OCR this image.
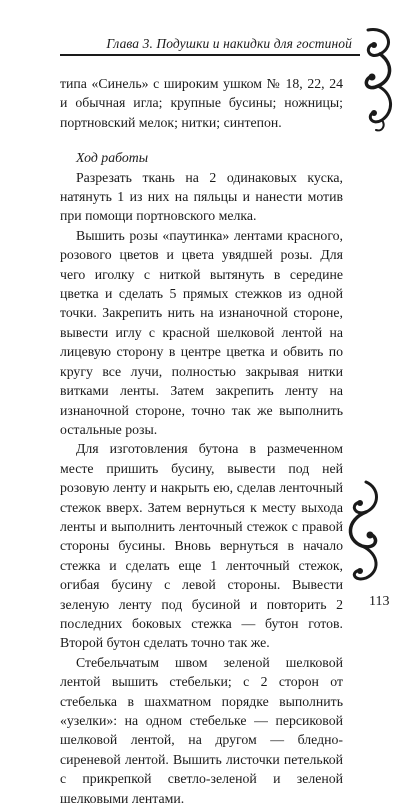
Глава 3. Подушки и накидки для гостиной

типа «Синель» с широким ушком № 18, 22, 24 и обычная игла; крупные бусины; ножницы; портновский мелок; нитки; синтепон.

Ход работы

Разрезать ткань на 2 одинаковых куска, натянуть 1 из них на пяльцы и нанести мотив при помощи портновского мелка.

Вышить розы «паутинка» лентами красного, розового цветов и цвета увядшей розы. Для чего иголку с ниткой вытянуть в середине цветка и сделать 5 прямых стежков из одной точки. Закрепить нить на изнаночной стороне, вывести иглу с красной шелковой лентой на лицевую сторону в центре цветка и обвить по кругу все лучи, полностью закрывая нитки витками ленты. Затем закрепить ленту на изнаночной стороне, точно так же выполнить остальные розы.

Для изготовления бутона в размеченном месте пришить бусину, вывести под ней розовую ленту и накрыть ею, сделав ленточный стежок вверх. Затем вернуться к месту выхода ленты и выполнить ленточный стежок с правой стороны бусины. Вновь вернуться в начало стежка и сделать еще 1 ленточный стежок, огибая бусину с левой стороны. Вывести зеленую ленту под бусиной и повторить 2 последних боковых стежка — бутон готов. Второй бутон сделать точно так же.

Стебельчатым швом зеленой шелковой лентой вышить стебельки; с 2 сторон от стебелька в шахматном порядке выполнить «узелки»: на одном стебельке — персиковой шелковой лентой, на другом — бледно-сиреневой лентой. Вышить листочки петелькой с прикрепкой светло-зеленой и зеленой шелковыми лентами.

113
